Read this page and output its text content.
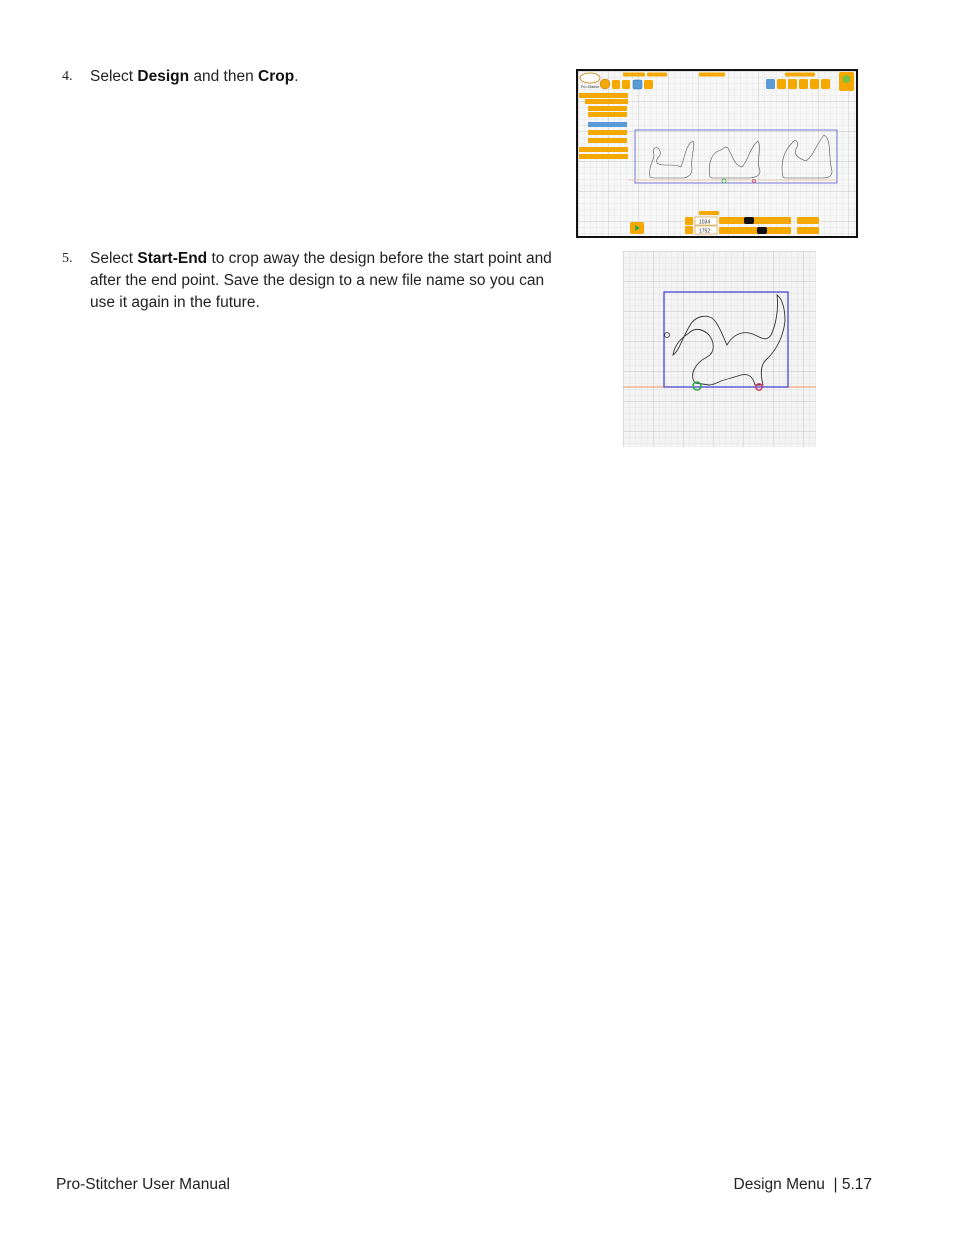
4. Select Design and then Crop.
Pro-Stitcher
1034
1752
5. Select Start-End to crop away the design before the start point and after the end point. Save the design to a new file name so you can use it again in the future.
Pro-Stitcher User Manual	Design Menu  | 5.17
